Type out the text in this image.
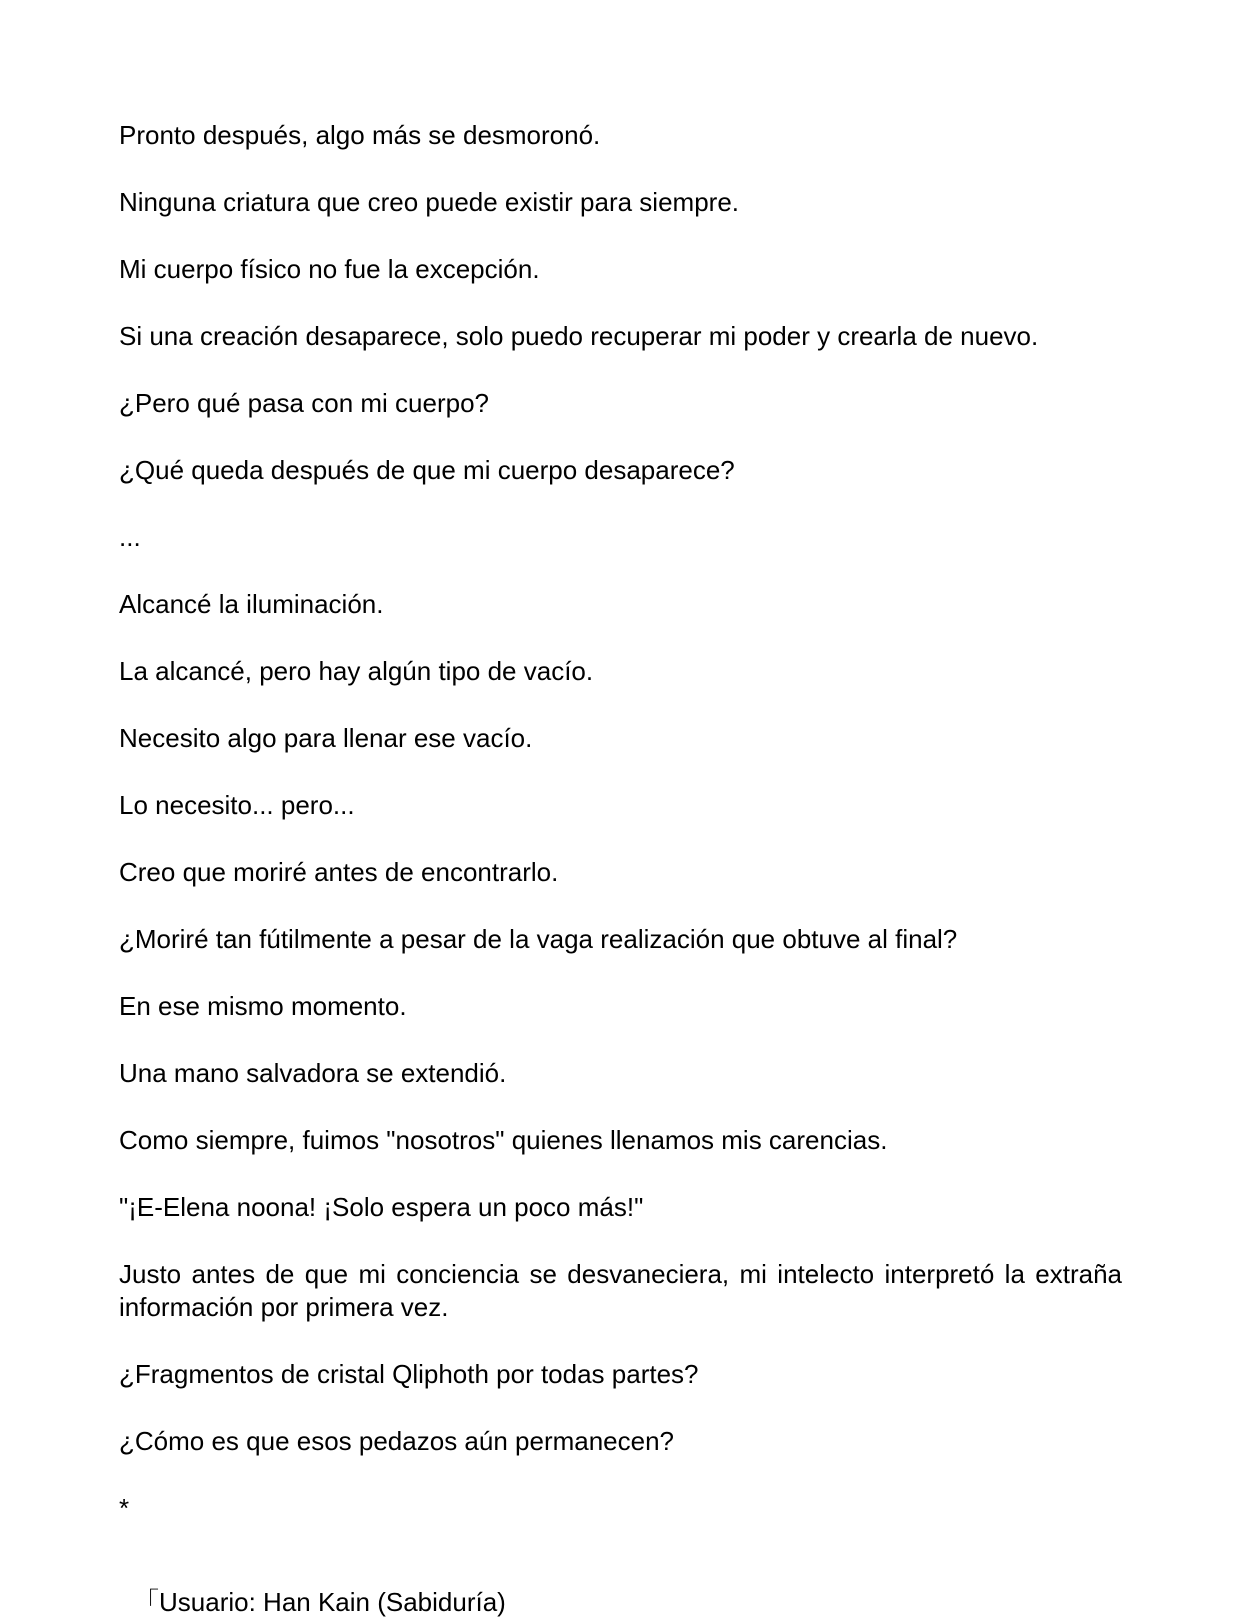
Pronto después, algo más se desmoronó.

Ninguna criatura que creo puede existir para siempre.

Mi cuerpo físico no fue la excepción.

Si una creación desaparece, solo puedo recuperar mi poder y crearla de nuevo.

¿Pero qué pasa con mi cuerpo?

¿Qué queda después de que mi cuerpo desaparece?

...

Alcancé la iluminación.

La alcancé, pero hay algún tipo de vacío.

Necesito algo para llenar ese vacío.

Lo necesito... pero...

Creo que moriré antes de encontrarlo.

¿Moriré tan fútilmente a pesar de la vaga realización que obtuve al final?

En ese mismo momento.

Una mano salvadora se extendió.

Como siempre, fuimos "nosotros" quienes llenamos mis carencias.

"¡E-Elena noona! ¡Solo espera un poco más!"

Justo antes de que mi conciencia se desvaneciera, mi intelecto interpretó la extraña información por primera vez.

¿Fragmentos de cristal Qliphoth por todas partes?

¿Cómo es que esos pedazos aún permanecen?

*

「Usuario: Han Kain (Sabiduría)
